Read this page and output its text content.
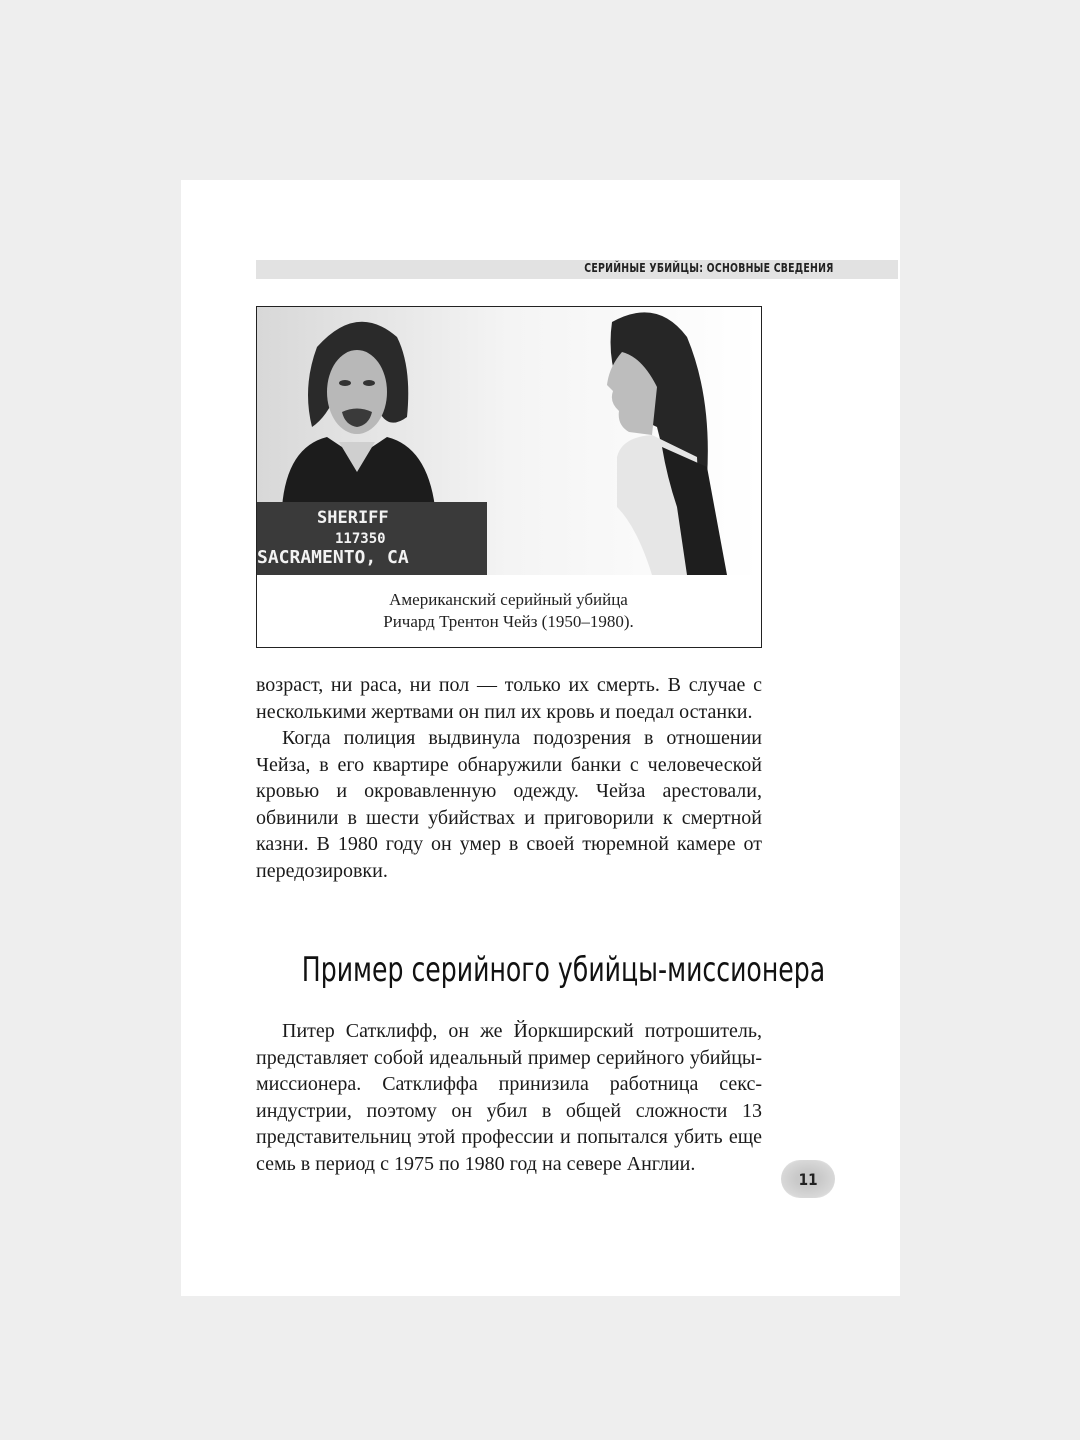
СЕРИЙНЫЕ УБИЙЦЫ: ОСНОВНЫЕ СВЕДЕНИЯ
SHERIFF
117350
SACRAMENTO, CA
Американский серийный убийца
Ричард Трентон Чейз (1950–1980).

возраст, ни раса, ни пол — только их смерть. В случае с несколькими жертвами он пил их кровь и поедал останки.

Когда полиция выдвинула подозрения в отношении Чейза, в его квартире обнаружили банки с человеческой кровью и окровавленную одежду. Чейза арестовали, обвинили в шести убийствах и приговорили к смертной казни. В 1980 году он умер в своей тюремной камере от передозировки.

Пример серийного убийцы-миссионера

Питер Сатклифф, он же Йоркширский потрошитель, представляет собой идеальный пример серийного убийцы-миссионера. Сатклиффа принизила работница секс-индустрии, поэтому он убил в общей сложности 13 представительниц этой профессии и попытался убить еще семь в период с 1975 по 1980 год на севере Англии.

11
